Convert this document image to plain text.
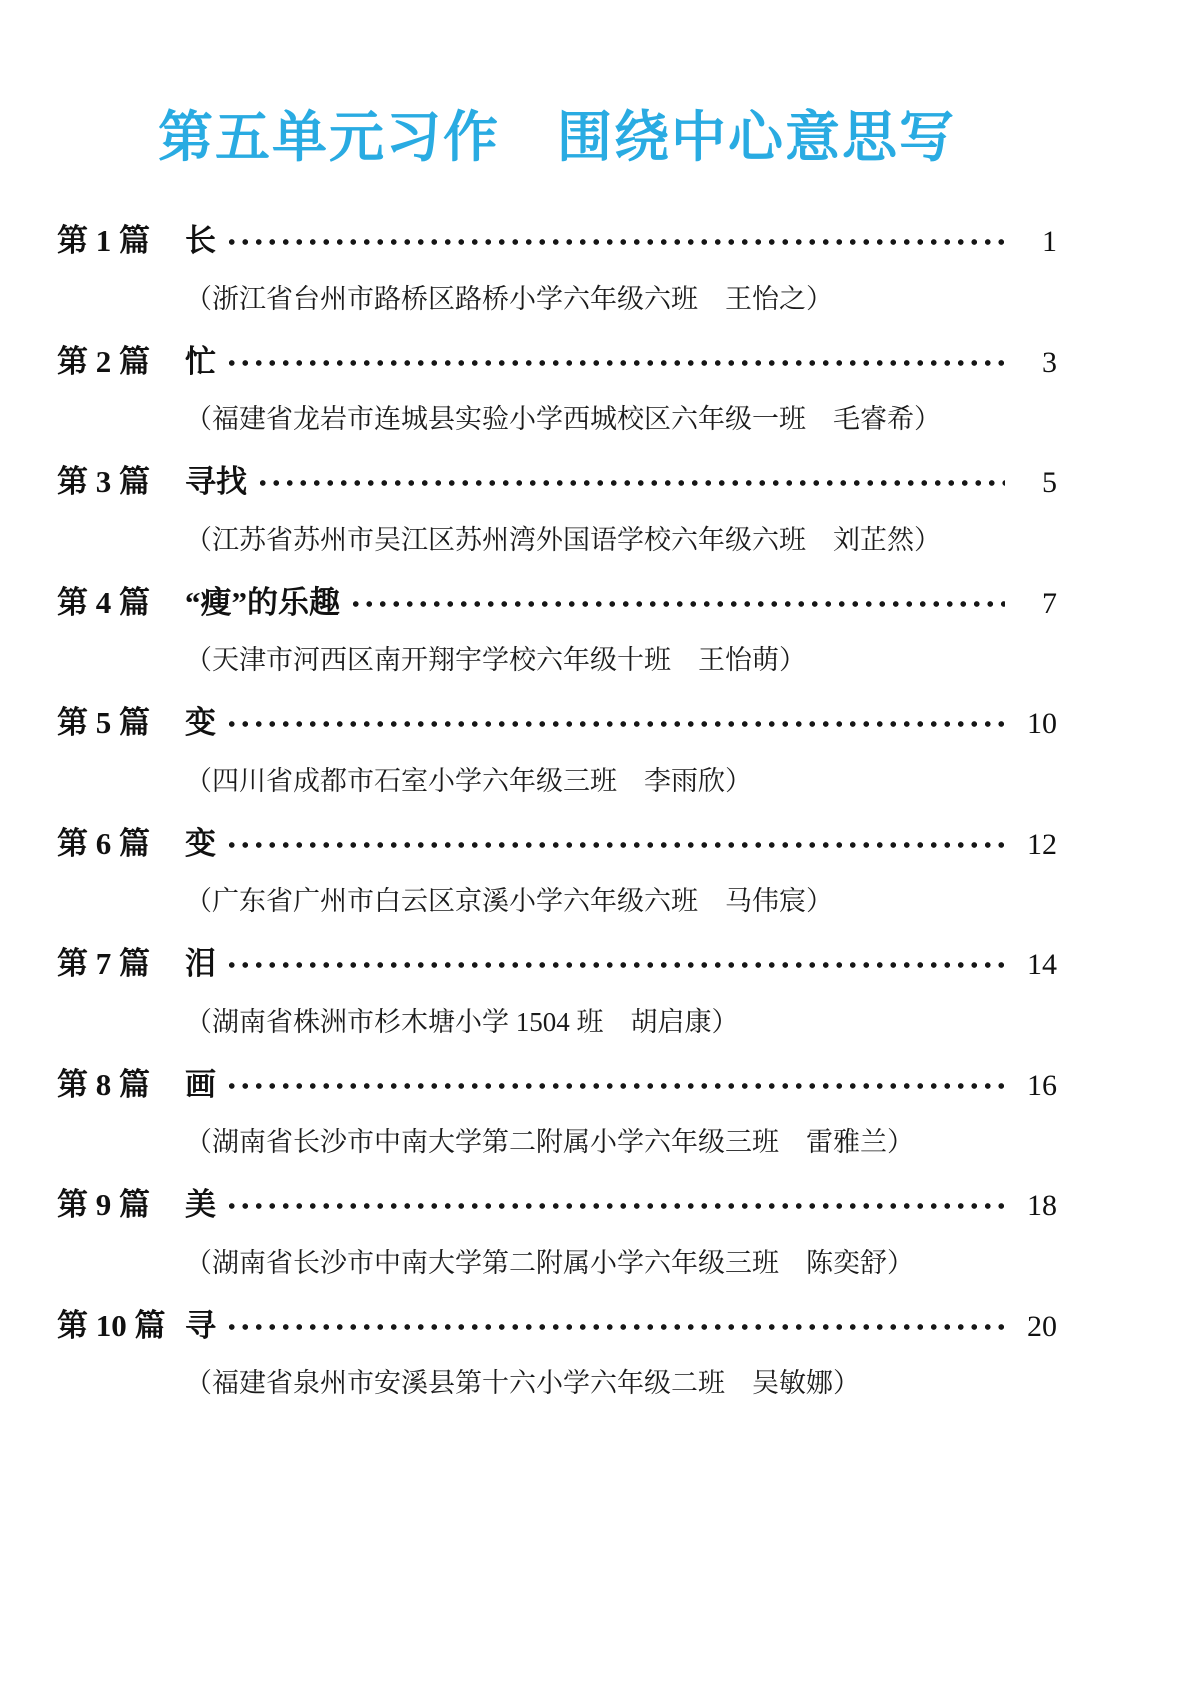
第五单元习作　围绕中心意思写
第 1 篇	长	1
（浙江省台州市路桥区路桥小学六年级六班　王怡之）
第 2 篇	忙	3
（福建省龙岩市连城县实验小学西城校区六年级一班　毛睿希）
第 3 篇	寻找	5
（江苏省苏州市吴江区苏州湾外国语学校六年级六班　刘芷然）
第 4 篇	“瘦”的乐趣	7
（天津市河西区南开翔宇学校六年级十班　王怡萌）
第 5 篇	变	10
（四川省成都市石室小学六年级三班　李雨欣）
第 6 篇	变	12
（广东省广州市白云区京溪小学六年级六班　马伟宸）
第 7 篇	泪	14
（湖南省株洲市杉木塘小学 1504 班　胡启康）
第 8 篇	画	16
（湖南省长沙市中南大学第二附属小学六年级三班　雷雅兰）
第 9 篇	美	18
（湖南省长沙市中南大学第二附属小学六年级三班　陈奕舒）
第 10 篇 寻	20
（福建省泉州市安溪县第十六小学六年级二班　吴敏娜）
